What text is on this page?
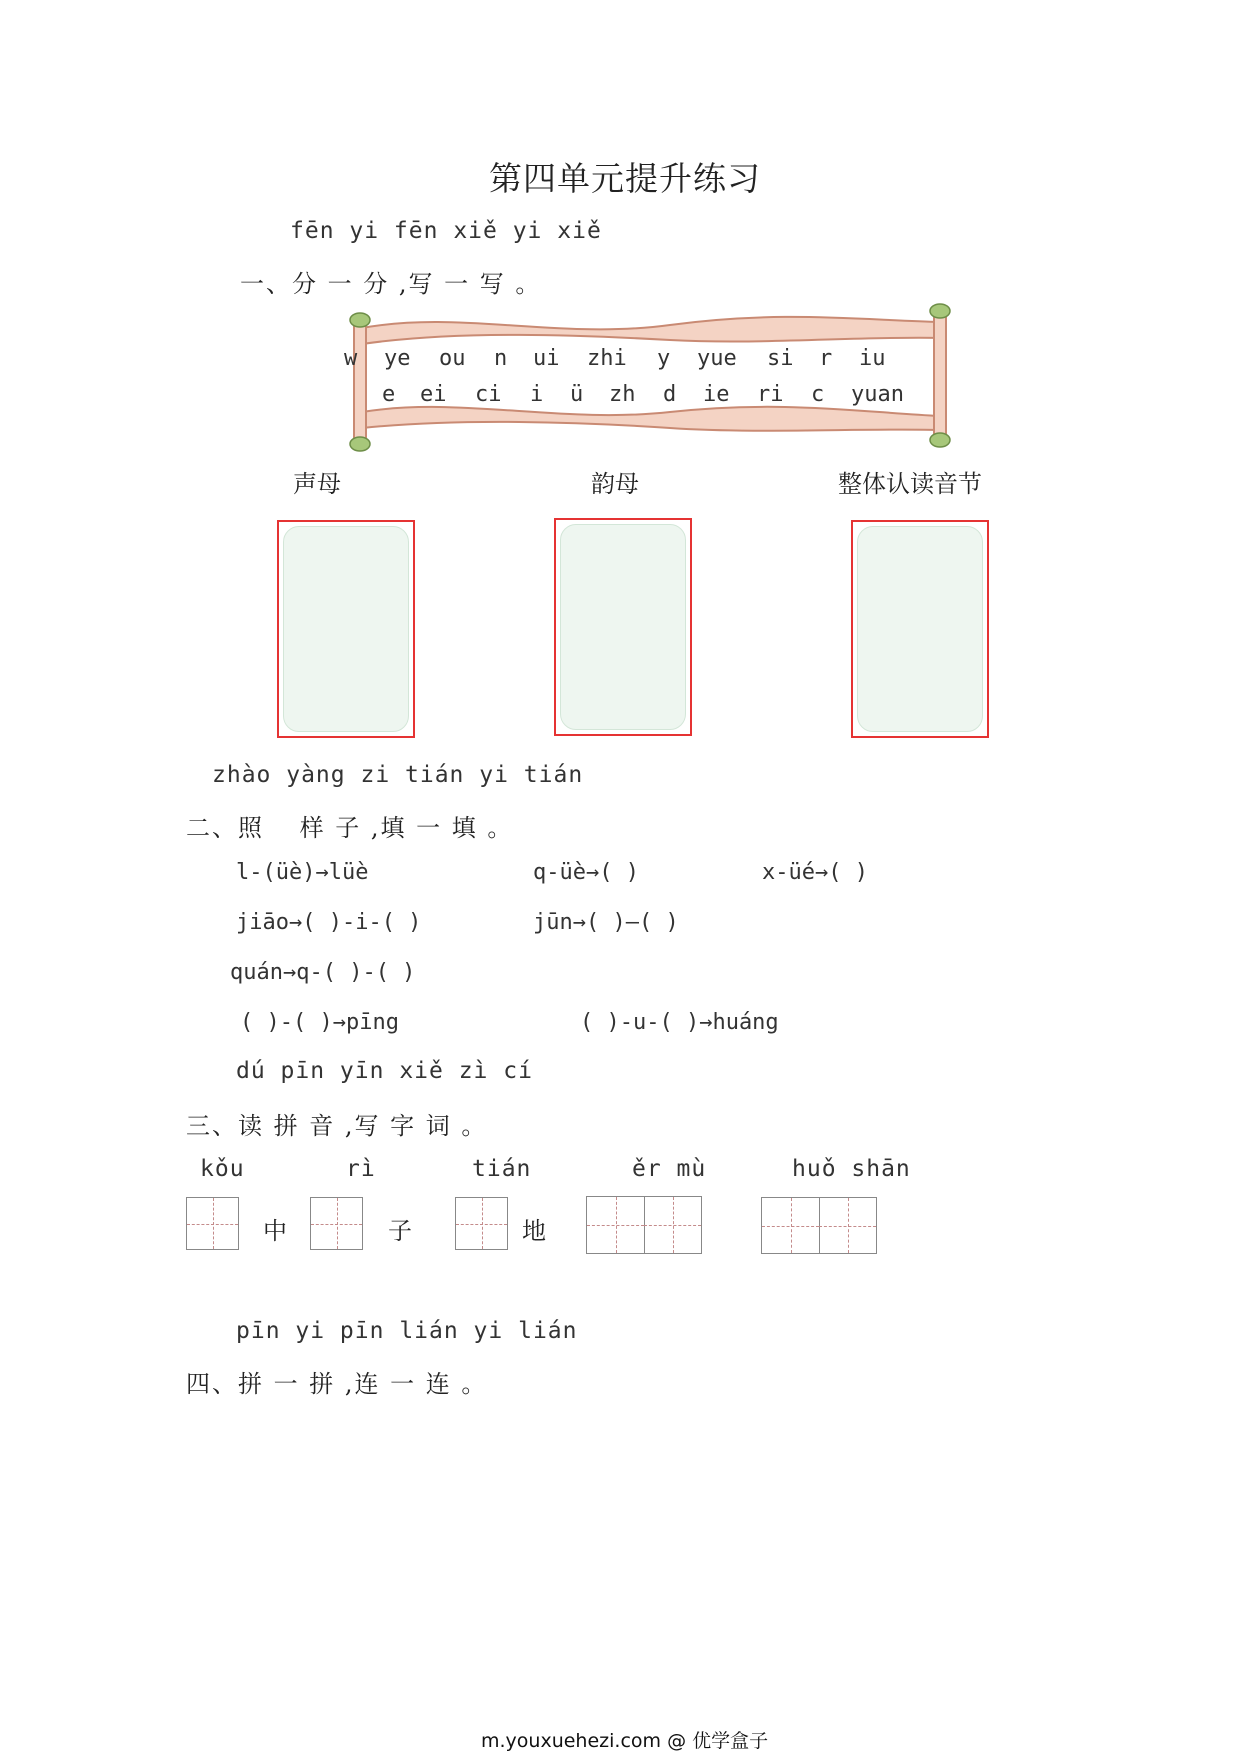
第四单元提升练习
fēn yi fēn xiě yi xiě
一、分 一 分 ,写 一 写 。
w ye ou n ui zhi y yue si r iu
e ei ci i ü zh d ie ri c yuan
声母	韵母	整体认读音节
zhào yàng zi tián yi tián
二、照　 样 子 ,填 一 填 。
l-(üè)→lüè	q-üè→( )	x-üé→( )
jiāo→( )-i-( )	jūn→( )—( )
quán→q-( )-( )
( )-( )→pīng	( )-u-( )→huáng
dú pīn yīn xiě zì cí
三、读 拼 音 ,写 字 词 。
kǒu	rì	tián	ěr mù	huǒ shān
中	子	地
pīn yi pīn lián yi lián
四、拼 一 拼 ,连 一 连 。
m.youxuehezi.com @ 优学盒子
